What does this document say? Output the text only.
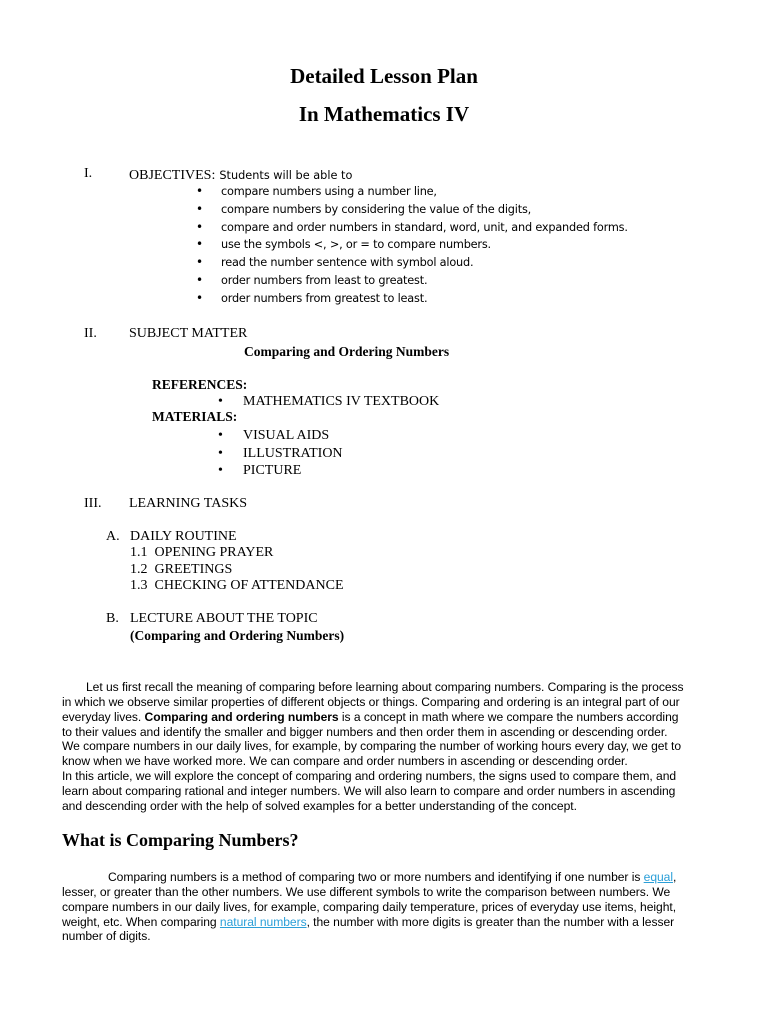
Detailed Lesson Plan
In Mathematics IV
I.	OBJECTIVES: Students will be able to
• compare numbers using a number line,
• compare numbers by considering the value of the digits,
• compare and order numbers in standard, word, unit, and expanded forms.
• use the symbols <, >, or = to compare numbers.
• read the number sentence with symbol aloud.
• order numbers from least to greatest.
• order numbers from greatest to least.
II. SUBJECT MATTER
Comparing and Ordering Numbers
REFERENCES:
• MATHEMATICS IV TEXTBOOK
MATERIALS:
• VISUAL AIDS
• ILLUSTRATION
• PICTURE
III. LEARNING TASKS
A. DAILY ROUTINE
1.1 OPENING PRAYER
1.2 GREETINGS
1.3 CHECKING OF ATTENDANCE
B. LECTURE ABOUT THE TOPIC
(Comparing and Ordering Numbers)
Let us first recall the meaning of comparing before learning about comparing numbers. Comparing is the process
in which we observe similar properties of different objects or things. Comparing and ordering is an integral part of our
everyday lives. Comparing and ordering numbers is a concept in math where we compare the numbers according
to their values and identify the smaller and bigger numbers and then order them in ascending or descending order.
We compare numbers in our daily lives, for example, by comparing the number of working hours every day, we get to
know when we have worked more. We can compare and order numbers in ascending or descending order.
In this article, we will explore the concept of comparing and ordering numbers, the signs used to compare them, and
learn about comparing rational and integer numbers. We will also learn to compare and order numbers in ascending
and descending order with the help of solved examples for a better understanding of the concept.
What is Comparing Numbers?
Comparing numbers is a method of comparing two or more numbers and identifying if one number is equal,
lesser, or greater than the other numbers. We use different symbols to write the comparison between numbers. We
compare numbers in our daily lives, for example, comparing daily temperature, prices of everyday use items, height,
weight, etc. When comparing natural numbers, the number with more digits is greater than the number with a lesser
number of digits.
